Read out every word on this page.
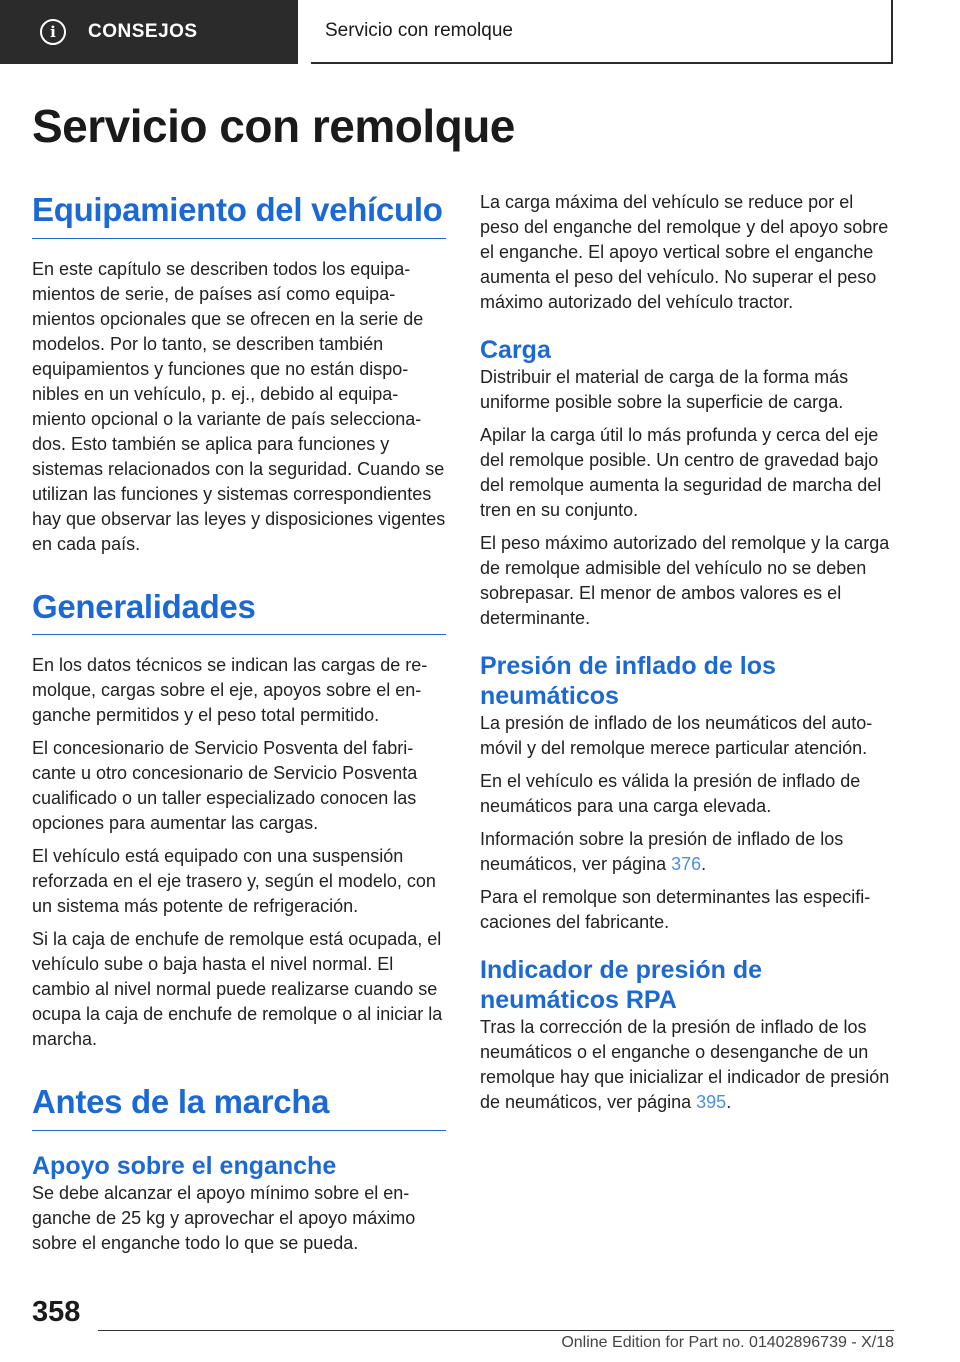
i	CONSEJOS	Servicio con remolque
Servicio con remolque
Equipamiento del vehículo

En este capítulo se describen todos los equipamientos de serie, de países así como equipamientos opcionales que se ofrecen en la serie de modelos. Por lo tanto, se describen también equipamientos y funciones que no están disponibles en un vehículo, p. ej., debido al equipamiento opcional o la variante de país seleccionados. Esto también se aplica para funciones y sistemas relacionados con la seguridad. Cuando se utilizan las funciones y sistemas correspondientes hay que observar las leyes y disposiciones vigentes en cada país.

Generalidades

En los datos técnicos se indican las cargas de remolque, cargas sobre el eje, apoyos sobre el enganche permitidos y el peso total permitido.

El concesionario de Servicio Posventa del fabricante u otro concesionario de Servicio Posventa cualificado o un taller especializado conocen las opciones para aumentar las cargas.

El vehículo está equipado con una suspensión reforzada en el eje trasero y, según el modelo, con un sistema más potente de refrigeración.

Si la caja de enchufe de remolque está ocupada, el vehículo sube o baja hasta el nivel normal. El cambio al nivel normal puede realizarse cuando se ocupa la caja de enchufe de remolque o al iniciar la marcha.

Antes de la marcha
Apoyo sobre el enganche

Se debe alcanzar el apoyo mínimo sobre el enganche de 25 kg y aprovechar el apoyo máximo sobre el enganche todo lo que se pueda.

La carga máxima del vehículo se reduce por el peso del enganche del remolque y del apoyo sobre el enganche. El apoyo vertical sobre el enganche aumenta el peso del vehículo. No superar el peso máximo autorizado del vehículo tractor.

Carga

Distribuir el material de carga de la forma más uniforme posible sobre la superficie de carga.

Apilar la carga útil lo más profunda y cerca del eje del remolque posible. Un centro de gravedad bajo del remolque aumenta la seguridad de marcha del tren en su conjunto.

El peso máximo autorizado del remolque y la carga de remolque admisible del vehículo no se deben sobrepasar. El menor de ambos valores es el determinante.

Presión de inflado de los neumáticos

La presión de inflado de los neumáticos del automóvil y del remolque merece particular atención.

En el vehículo es válida la presión de inflado de neumáticos para una carga elevada.

Información sobre la presión de inflado de los neumáticos, ver página 376.

Para el remolque son determinantes las especificaciones del fabricante.

Indicador de presión de neumáticos RPA

Tras la corrección de la presión de inflado de los neumáticos o el enganche o desenganche de un remolque hay que inicializar el indicador de presión de neumáticos, ver página 395.

358
Online Edition for Part no. 01402896739 - X/18
